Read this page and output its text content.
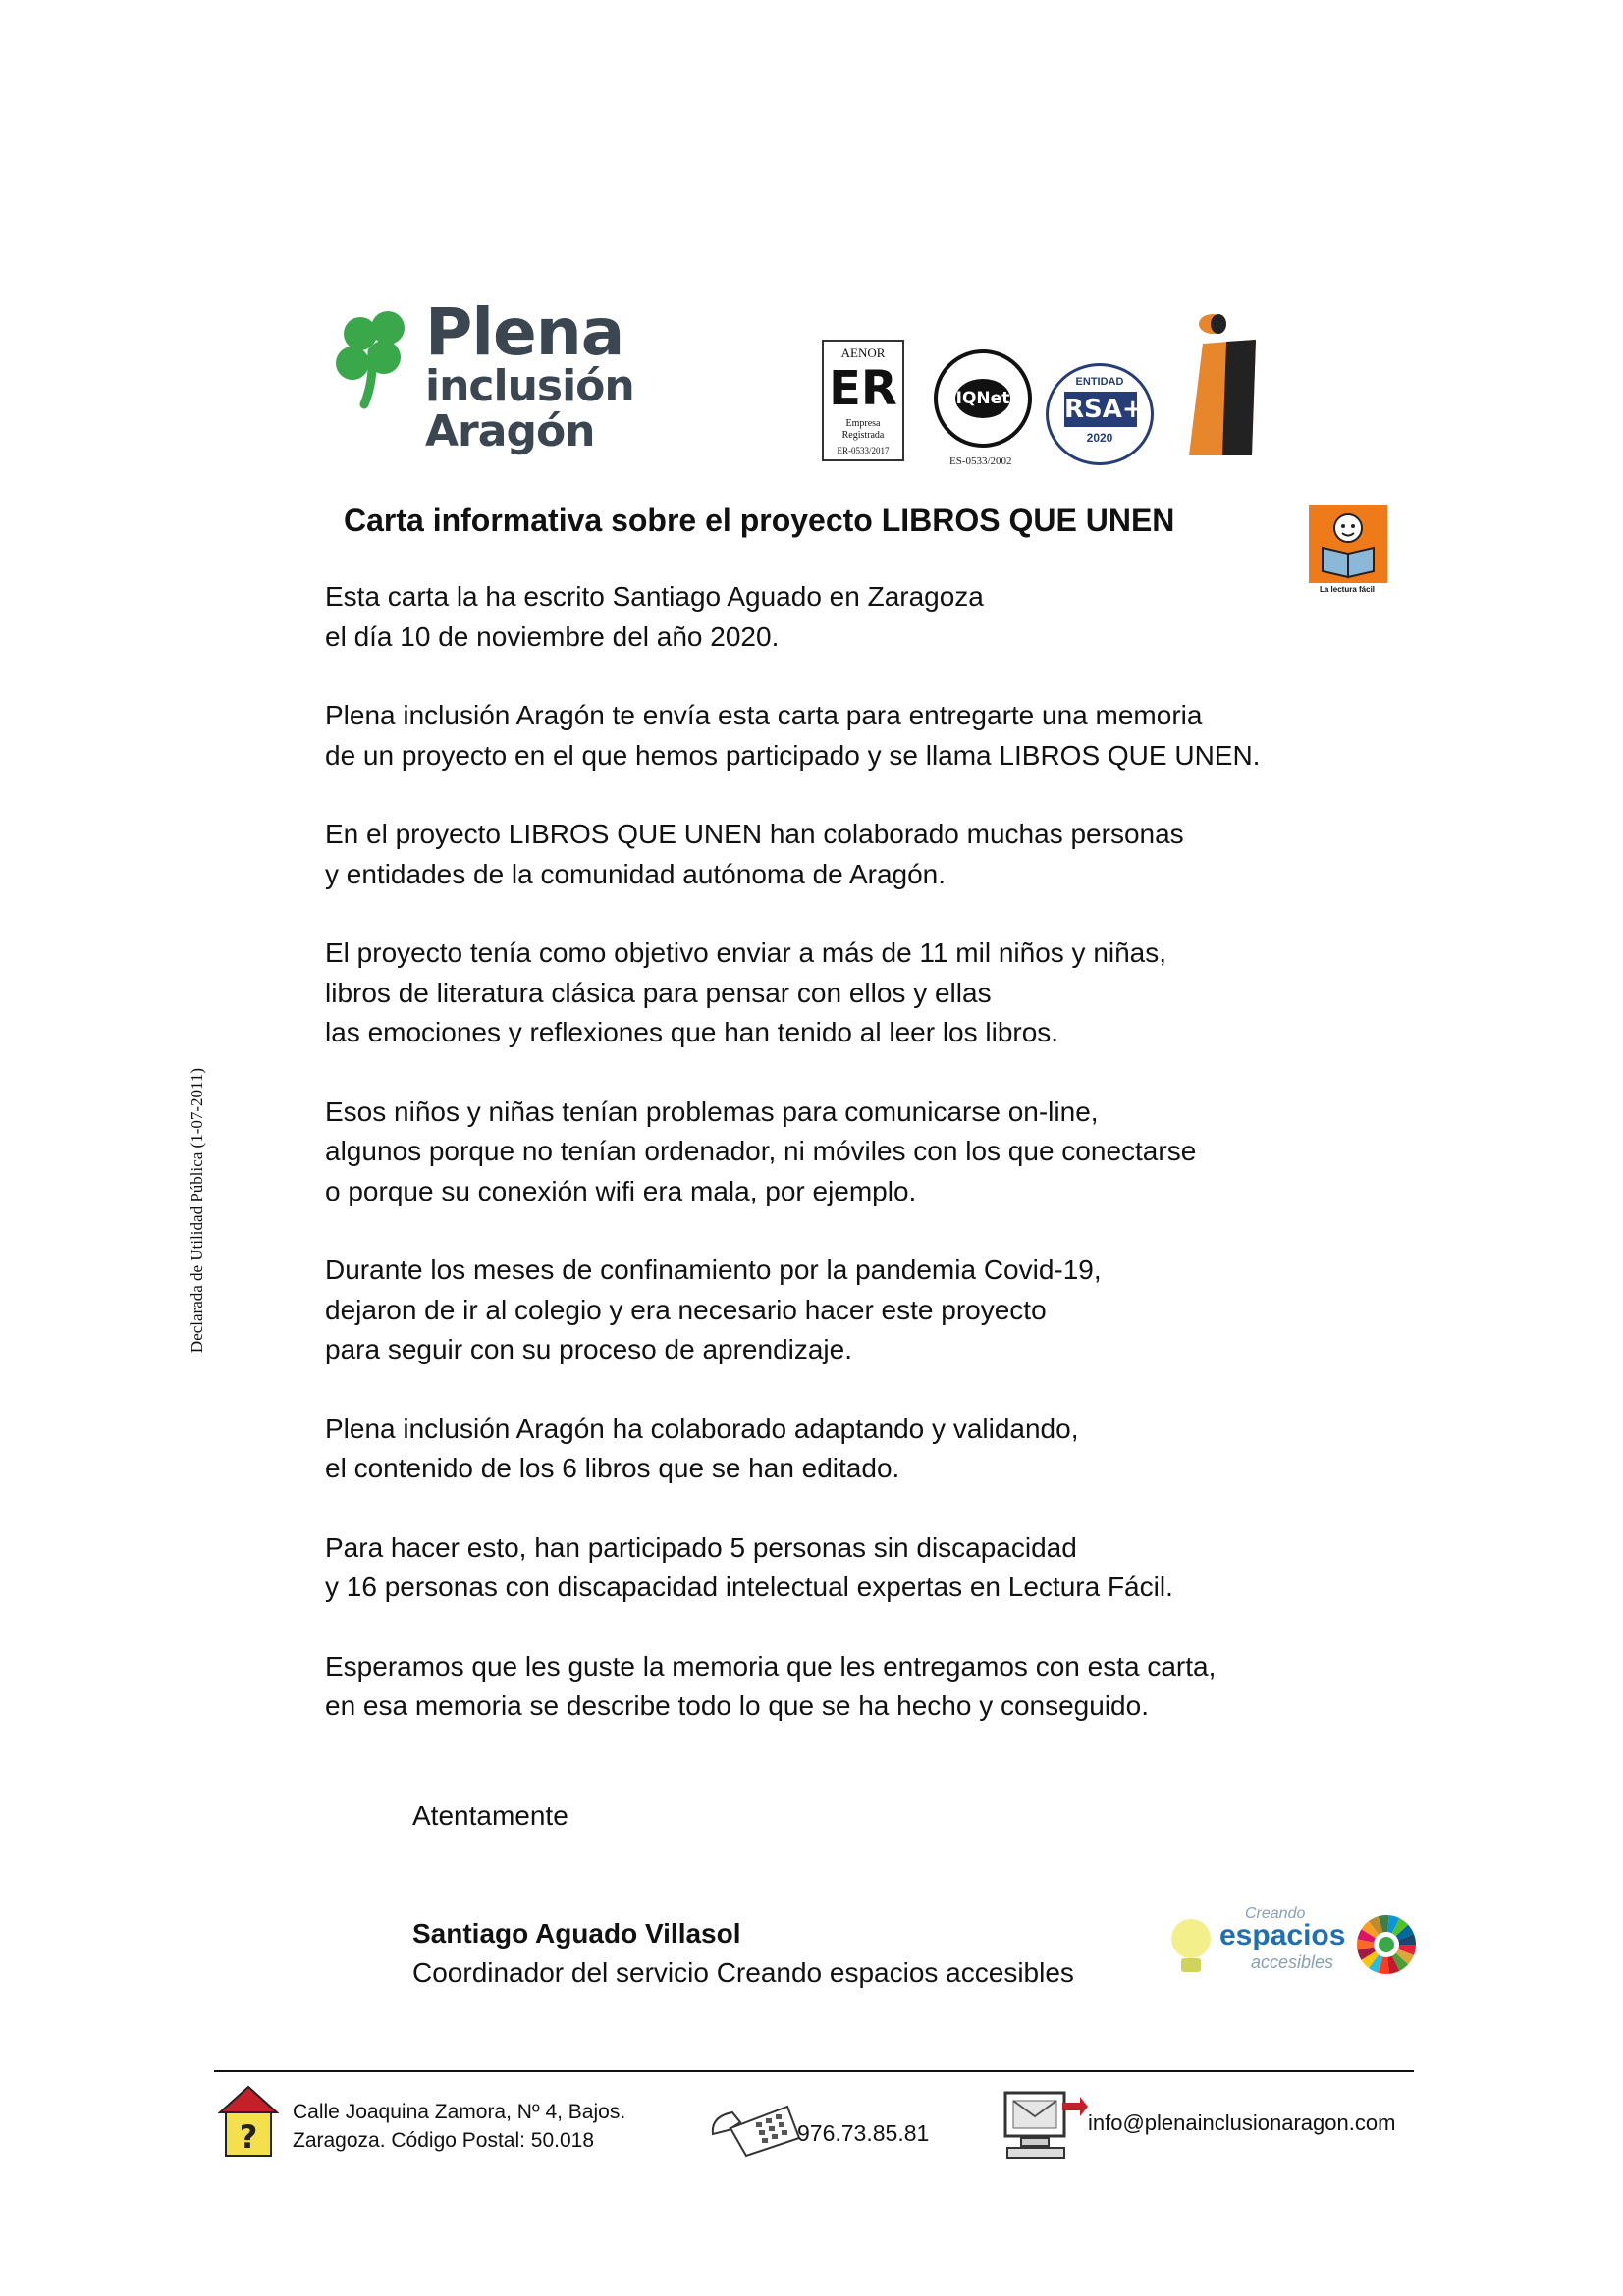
Plena
inclusión
Aragón
AENOR
ER
Empresa
Registrada
ER-0533/2017
IQNet
ES-0533/2002
ENTIDAD
RSA+
2020
Carta informativa sobre el proyecto LIBROS QUE UNEN
La lectura fácil
Declarada de Utilidad Pública (1-07-2011)
Esta carta la ha escrito Santiago Aguado en Zaragoza
el día 10 de noviembre del año 2020.
Plena inclusión Aragón te envía esta carta para entregarte una memoria
de un proyecto en el que hemos participado y se llama LIBROS QUE UNEN.
En el proyecto LIBROS QUE UNEN han colaborado muchas personas
y entidades de la comunidad autónoma de Aragón.
El proyecto tenía como objetivo enviar a más de 11 mil niños y niñas,
libros de literatura clásica para pensar con ellos y ellas
las emociones y reflexiones que han tenido al leer los libros.
Esos niños y niñas tenían problemas para comunicarse on-line,
algunos porque no tenían ordenador, ni móviles con los que conectarse
o porque su conexión wifi era mala, por ejemplo.
Durante los meses de confinamiento por la pandemia Covid-19,
dejaron de ir al colegio y era necesario hacer este proyecto
para seguir con su proceso de aprendizaje.
Plena inclusión Aragón ha colaborado adaptando y validando,
el contenido de los 6 libros que se han editado.
Para hacer esto, han participado 5 personas sin discapacidad
y 16 personas con discapacidad intelectual expertas en Lectura Fácil.
Esperamos que les guste la memoria que les entregamos con esta carta,
en esa memoria se describe todo lo que se ha hecho y conseguido.
Atentamente
Santiago Aguado Villasol
Coordinador del servicio Creando espacios accesibles
Creando
espacios
accesibles
?
Calle Joaquina Zamora, Nº 4, Bajos.
Zaragoza. Código Postal: 50.018	976.73.85.81	info@plenainclusionaragon.com
